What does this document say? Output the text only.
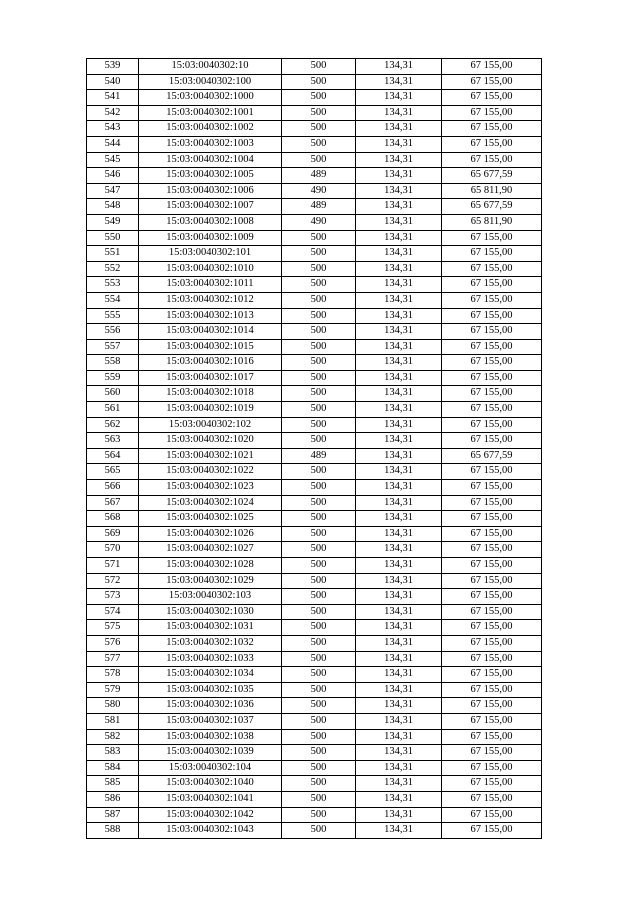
539	15:03:0040302:10	500	134,31	67 155,00
540	15:03:0040302:100	500	134,31	67 155,00
541	15:03:0040302:1000	500	134,31	67 155,00
542	15:03:0040302:1001	500	134,31	67 155,00
543	15:03:0040302:1002	500	134,31	67 155,00
544	15:03:0040302:1003	500	134,31	67 155,00
545	15:03:0040302:1004	500	134,31	67 155,00
546	15:03:0040302:1005	489	134,31	65 677,59
547	15:03:0040302:1006	490	134,31	65 811,90
548	15:03:0040302:1007	489	134,31	65 677,59
549	15:03:0040302:1008	490	134,31	65 811,90
550	15:03:0040302:1009	500	134,31	67 155,00
551	15:03:0040302:101	500	134,31	67 155,00
552	15:03:0040302:1010	500	134,31	67 155,00
553	15:03:0040302:1011	500	134,31	67 155,00
554	15:03:0040302:1012	500	134,31	67 155,00
555	15:03:0040302:1013	500	134,31	67 155,00
556	15:03:0040302:1014	500	134,31	67 155,00
557	15:03:0040302:1015	500	134,31	67 155,00
558	15:03:0040302:1016	500	134,31	67 155,00
559	15:03:0040302:1017	500	134,31	67 155,00
560	15:03:0040302:1018	500	134,31	67 155,00
561	15:03:0040302:1019	500	134,31	67 155,00
562	15:03:0040302:102	500	134,31	67 155,00
563	15:03:0040302:1020	500	134,31	67 155,00
564	15:03:0040302:1021	489	134,31	65 677,59
565	15:03:0040302:1022	500	134,31	67 155,00
566	15:03:0040302:1023	500	134,31	67 155,00
567	15:03:0040302:1024	500	134,31	67 155,00
568	15:03:0040302:1025	500	134,31	67 155,00
569	15:03:0040302:1026	500	134,31	67 155,00
570	15:03:0040302:1027	500	134,31	67 155,00
571	15:03:0040302:1028	500	134,31	67 155,00
572	15:03:0040302:1029	500	134,31	67 155,00
573	15:03:0040302:103	500	134,31	67 155,00
574	15:03:0040302:1030	500	134,31	67 155,00
575	15:03:0040302:1031	500	134,31	67 155,00
576	15:03:0040302:1032	500	134,31	67 155,00
577	15:03:0040302:1033	500	134,31	67 155,00
578	15:03:0040302:1034	500	134,31	67 155,00
579	15:03:0040302:1035	500	134,31	67 155,00
580	15:03:0040302:1036	500	134,31	67 155,00
581	15:03:0040302:1037	500	134,31	67 155,00
582	15:03:0040302:1038	500	134,31	67 155,00
583	15:03:0040302:1039	500	134,31	67 155,00
584	15:03:0040302:104	500	134,31	67 155,00
585	15:03:0040302:1040	500	134,31	67 155,00
586	15:03:0040302:1041	500	134,31	67 155,00
587	15:03:0040302:1042	500	134,31	67 155,00
588	15:03:0040302:1043	500	134,31	67 155,00
